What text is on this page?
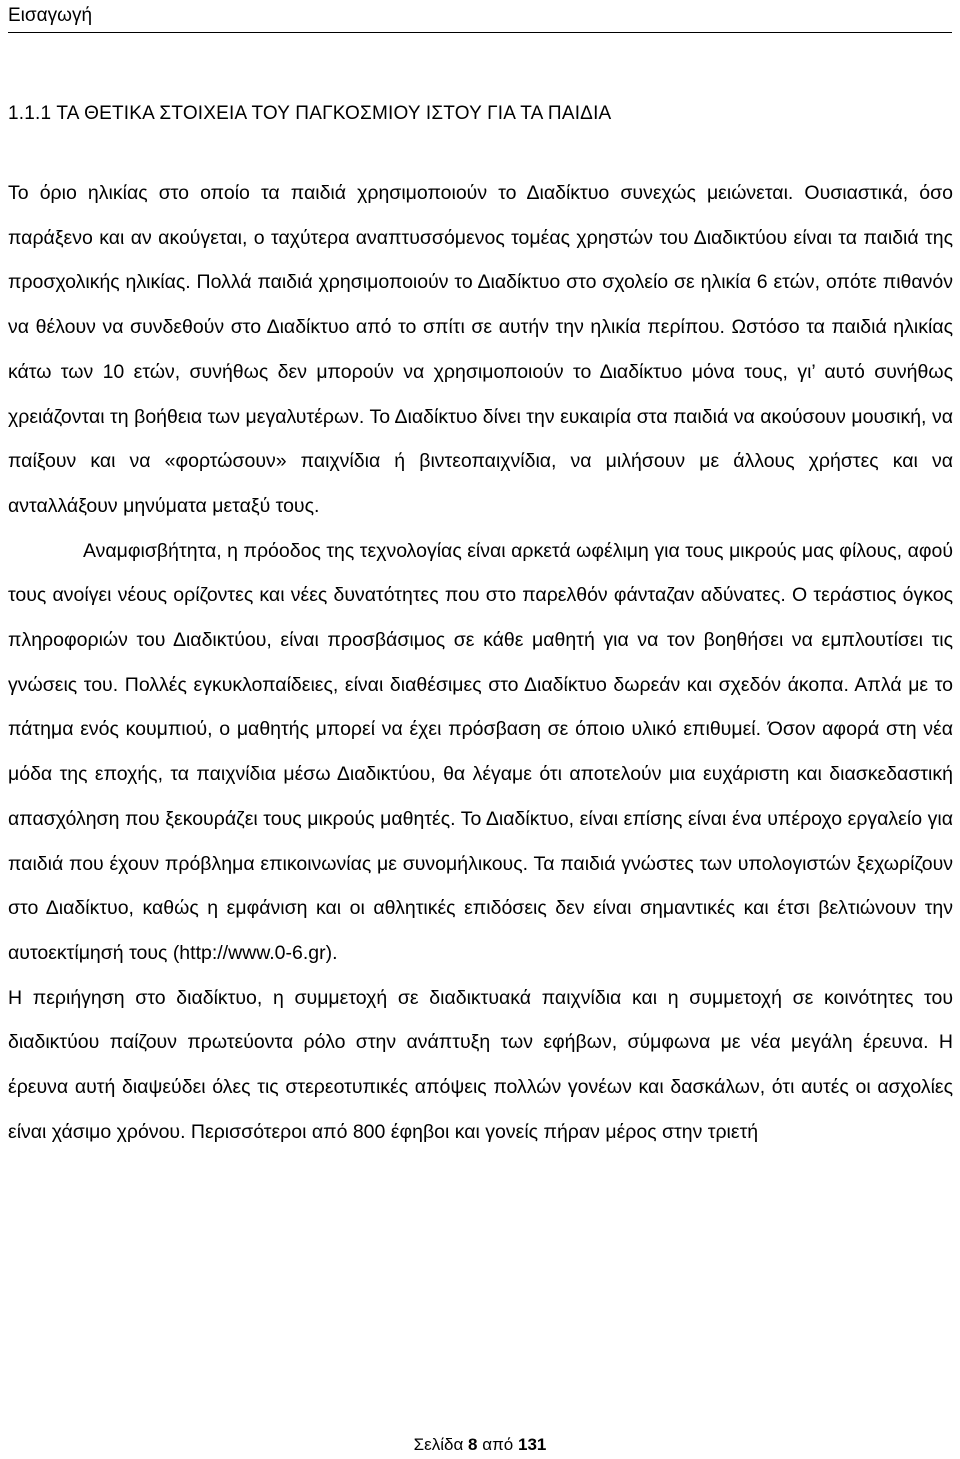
Εισαγωγή
1.1.1 ΤΑ ΘΕΤΙΚΑ ΣΤΟΙΧΕΙΑ ΤΟΥ ΠΑΓΚΟΣΜΙΟΥ ΙΣΤΟΥ ΓΙΑ ΤΑ ΠΑΙΔΙΑ

Το όριο ηλικίας στο οποίο τα παιδιά χρησιμοποιούν το Διαδίκτυο συνεχώς μειώνεται. Ουσιαστικά, όσο παράξενο και αν ακούγεται, ο ταχύτερα αναπτυσσόμενος τομέας χρηστών του Διαδικτύου είναι τα παιδιά της προσχολικής ηλικίας. Πολλά παιδιά χρησιμοποιούν το Διαδίκτυο στο σχολείο σε ηλικία 6 ετών, οπότε πιθανόν να θέλουν να συνδεθούν στο Διαδίκτυο από το σπίτι σε αυτήν την ηλικία περίπου. Ωστόσο τα παιδιά ηλικίας κάτω των 10 ετών, συνήθως δεν μπορούν να χρησιμοποιούν το Διαδίκτυο μόνα τους, γι’ αυτό συνήθως χρειάζονται τη βοήθεια των μεγαλυτέρων. Το Διαδίκτυο δίνει την ευκαιρία στα παιδιά να ακούσουν μουσική, να παίξουν και να «φορτώσουν» παιχνίδια ή βιντεοπαιχνίδια, να μιλήσουν με άλλους χρήστες και να ανταλλάξουν μηνύματα μεταξύ τους.

Αναμφισβήτητα, η πρόοδος της τεχνολογίας είναι αρκετά ωφέλιμη για τους μικρούς μας φίλους, αφού τους ανοίγει νέους ορίζοντες και νέες δυνατότητες που στο παρελθόν φάνταζαν αδύνατες. Ο τεράστιος όγκος πληροφοριών του Διαδικτύου, είναι προσβάσιμος σε κάθε μαθητή για να τον βοηθήσει να εμπλουτίσει τις γνώσεις του. Πολλές εγκυκλοπαίδειες, είναι διαθέσιμες στο Διαδίκτυο δωρεάν και σχεδόν άκοπα. Απλά με το πάτημα ενός κουμπιού, ο μαθητής μπορεί να έχει πρόσβαση σε όποιο υλικό επιθυμεί. Όσον αφορά στη νέα μόδα της εποχής, τα παιχνίδια μέσω Διαδικτύου, θα λέγαμε ότι αποτελούν μια ευχάριστη και διασκεδαστική απασχόληση που ξεκουράζει τους μικρούς μαθητές. Το Διαδίκτυο, είναι επίσης είναι ένα υπέροχο εργαλείο για παιδιά που έχουν πρόβλημα επικοινωνίας με συνομήλικους. Τα παιδιά γνώστες των υπολογιστών ξεχωρίζουν στο Διαδίκτυο, καθώς η εμφάνιση και οι αθλητικές επιδόσεις δεν είναι σημαντικές και έτσι βελτιώνουν την αυτοεκτίμησή τους (http://www.0-6.gr).

Η περιήγηση στο διαδίκτυο, η συμμετοχή σε διαδικτυακά παιχνίδια και η συμμετοχή σε κοινότητες του διαδικτύου παίζουν πρωτεύοντα ρόλο στην ανάπτυξη των εφήβων, σύμφωνα με νέα μεγάλη έρευνα. Η έρευνα αυτή διαψεύδει όλες τις στερεοτυπικές απόψεις πολλών γονέων και δασκάλων, ότι αυτές οι ασχολίες είναι χάσιμο χρόνου. Περισσότεροι από 800 έφηβοι και γονείς πήραν μέρος στην τριετή

Σελίδα 8 από 131
